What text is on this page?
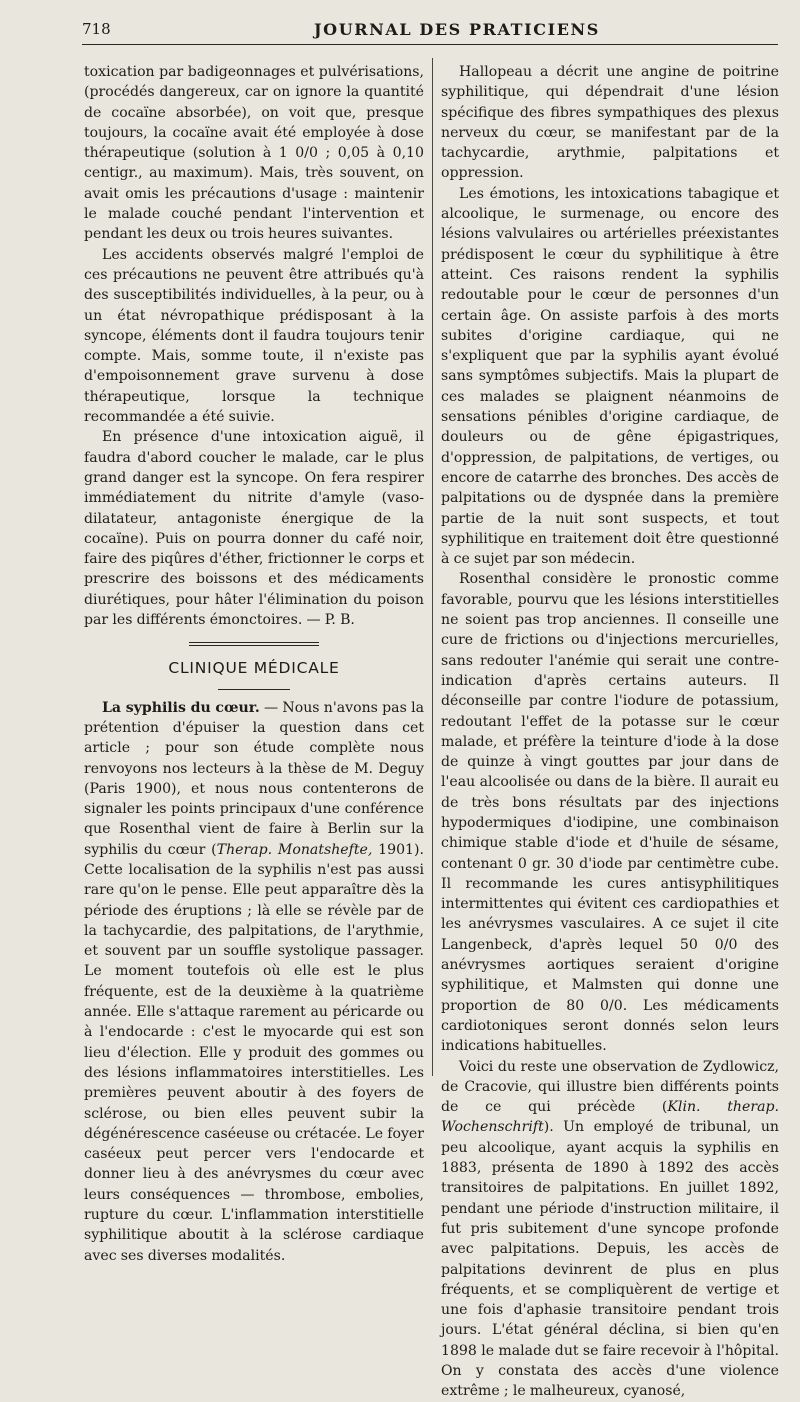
718	JOURNAL DES PRATICIENS

toxication par badigeonnages et pulvérisations, (procédés dangereux, car on ignore la quantité de cocaïne absorbée), on voit que, presque toujours, la cocaïne avait été employée à dose thérapeutique (solution à 1 0/0 ; 0,05 à 0,10 centigr., au maximum). Mais, très souvent, on avait omis les précautions d'usage : maintenir le malade couché pendant l'intervention et pendant les deux ou trois heures suivantes.

Les accidents observés malgré l'emploi de ces précautions ne peuvent être attribués qu'à des susceptibilités individuelles, à la peur, ou à un état névropathique prédisposant à la syncope, éléments dont il faudra toujours tenir compte. Mais, somme toute, il n'existe pas d'empoisonnement grave survenu à dose thérapeutique, lorsque la technique recommandée a été suivie.

En présence d'une intoxication aiguë, il faudra d'abord coucher le malade, car le plus grand danger est la syncope. On fera respirer immédiatement du nitrite d'amyle (vaso-dilatateur, antagoniste énergique de la cocaïne). Puis on pourra donner du café noir, faire des piqûres d'éther, frictionner le corps et prescrire des boissons et des médicaments diurétiques, pour hâter l'élimination du poison par les différents émonctoires. — P. B.

CLINIQUE MÉDICALE

La syphilis du cœur. — Nous n'avons pas la prétention d'épuiser la question dans cet article ; pour son étude complète nous renvoyons nos lecteurs à la thèse de M. Deguy (Paris 1900), et nous nous contenterons de signaler les points principaux d'une conférence que Rosenthal vient de faire à Berlin sur la syphilis du cœur (Therap. Monatshefte, 1901). Cette localisation de la syphilis n'est pas aussi rare qu'on le pense. Elle peut apparaître dès la période des éruptions ; là elle se révèle par de la tachycardie, des palpitations, de l'arythmie, et souvent par un souffle systolique passager. Le moment toutefois où elle est le plus fréquente, est de la deuxième à la quatrième année. Elle s'attaque rarement au péricarde ou à l'endocarde : c'est le myocarde qui est son lieu d'élection. Elle y produit des gommes ou des lésions inflammatoires interstitielles. Les premières peuvent aboutir à des foyers de sclérose, ou bien elles peuvent subir la dégénérescence caséeuse ou crétacée. Le foyer caséeux peut percer vers l'endocarde et donner lieu à des anévrysmes du cœur avec leurs conséquences — thrombose, embolies, rupture du cœur. L'inflammation interstitielle syphilitique aboutit à la sclérose cardiaque avec ses diverses modalités.

Hallopeau a décrit une angine de poitrine syphilitique, qui dépendrait d'une lésion spécifique des fibres sympathiques des plexus nerveux du cœur, se manifestant par de la tachycardie, arythmie, palpitations et oppression.

Les émotions, les intoxications tabagique et alcoolique, le surmenage, ou encore des lésions valvulaires ou artérielles préexistantes prédisposent le cœur du syphilitique à être atteint. Ces raisons rendent la syphilis redoutable pour le cœur de personnes d'un certain âge. On assiste parfois à des morts subites d'origine cardiaque, qui ne s'expliquent que par la syphilis ayant évolué sans symptômes subjectifs. Mais la plupart de ces malades se plaignent néanmoins de sensations pénibles d'origine cardiaque, de douleurs ou de gêne épigastriques, d'oppression, de palpitations, de vertiges, ou encore de catarrhe des bronches. Des accès de palpitations ou de dyspnée dans la première partie de la nuit sont suspects, et tout syphilitique en traitement doit être questionné à ce sujet par son médecin.

Rosenthal considère le pronostic comme favorable, pourvu que les lésions interstitielles ne soient pas trop anciennes. Il conseille une cure de frictions ou d'injections mercurielles, sans redouter l'anémie qui serait une contre-indication d'après certains auteurs. Il déconseille par contre l'iodure de potassium, redoutant l'effet de la potasse sur le cœur malade, et préfère la teinture d'iode à la dose de quinze à vingt gouttes par jour dans de l'eau alcoolisée ou dans de la bière. Il aurait eu de très bons résultats par des injections hypodermiques d'iodipine, une combinaison chimique stable d'iode et d'huile de sésame, contenant 0 gr. 30 d'iode par centimètre cube. Il recommande les cures antisyphilitiques intermittentes qui évitent ces cardiopathies et les anévrysmes vasculaires. A ce sujet il cite Langenbeck, d'après lequel 50 0/0 des anévrysmes aortiques seraient d'origine syphilitique, et Malmsten qui donne une proportion de 80 0/0. Les médicaments cardiotoniques seront donnés selon leurs indications habituelles.

Voici du reste une observation de Zydlowicz, de Cracovie, qui illustre bien différents points de ce qui précède (Klin. therap. Wochenschrift). Un employé de tribunal, un peu alcoolique, ayant acquis la syphilis en 1883, présenta de 1890 à 1892 des accès transitoires de palpitations. En juillet 1892, pendant une période d'instruction militaire, il fut pris subitement d'une syncope profonde avec palpitations. Depuis, les accès de palpitations devinrent de plus en plus fréquents, et se compliquèrent de vertige et une fois d'aphasie transitoire pendant trois jours. L'état général déclina, si bien qu'en 1898 le malade dut se faire recevoir à l'hôpital. On y constata des accès d'une violence extrême ; le malheureux, cyanosé,
